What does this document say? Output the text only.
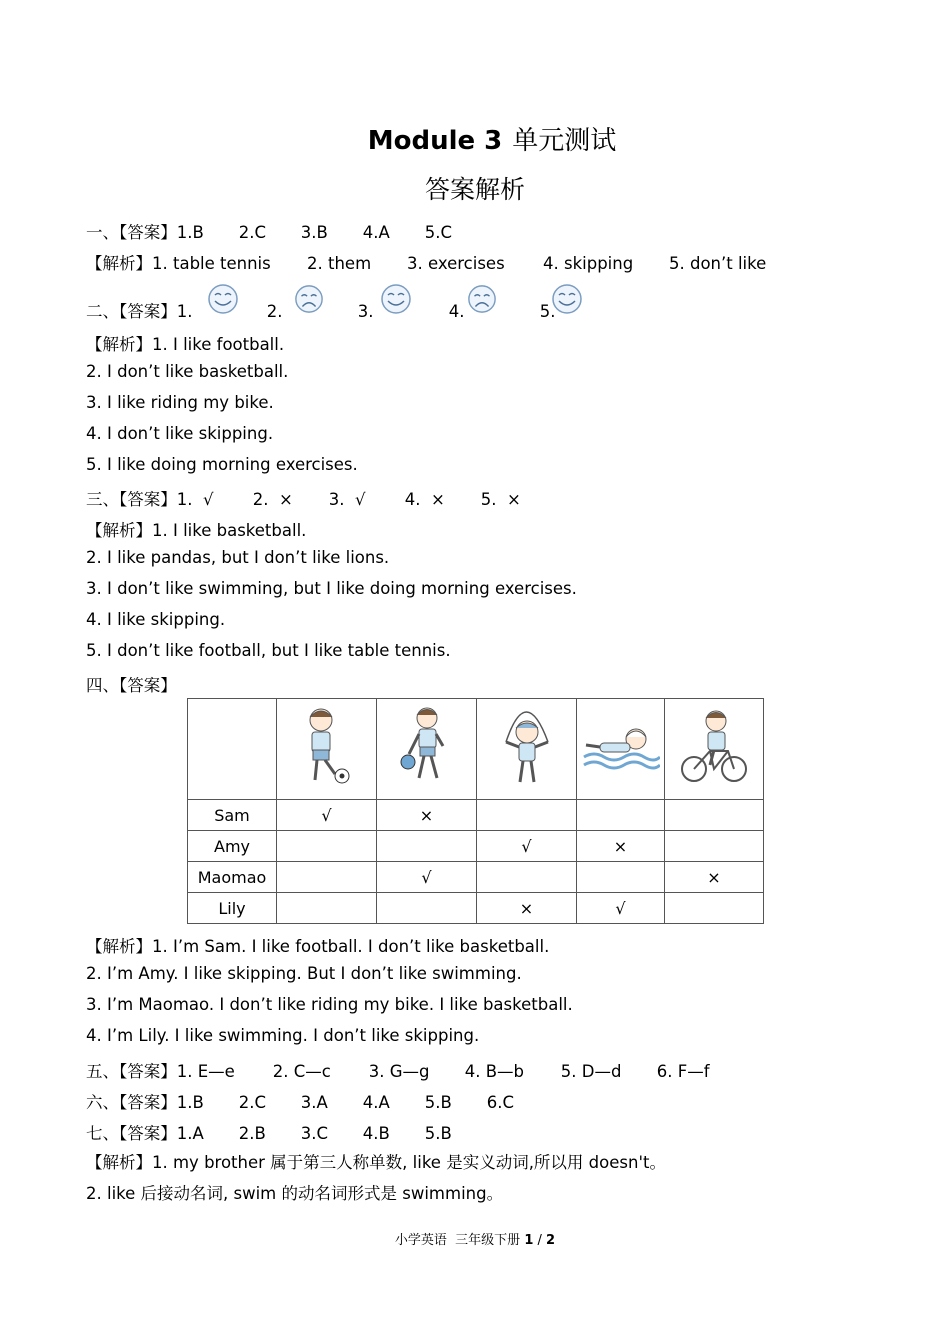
Module 3 单元测试
答案解析
一、【答案】1.B 2.C 3.B 4.A 5.C
【解析】1. table tennis 2. them 3. exercises 4. skipping 5. don’t like
二、【答案】1.	2.	3.	4.	5.
【解析】1. I like football.
2. I don’t like basketball.
3. I like riding my bike.
4. I don’t like skipping.
5. I like doing morning exercises.
三、【答案】1.  √ 2.  × 3.  √ 4.  × 5.  ×
【解析】1. I like basketball.
2. I like pandas, but I don’t like lions.
3. I don’t like swimming, but I like doing morning exercises.
4. I like skipping.
5. I don’t like football, but I like table tennis.
四、【答案】

Sam	√	×			
Amy			√	×	
Maomao		√			×
Lily			×	√	
【解析】1. I’m Sam. I like football. I don’t like basketball.
2. I’m Amy. I like skipping. But I don’t like swimming.
3. I’m Maomao. I don’t like riding my bike. I like basketball.
4. I’m Lily. I like swimming. I don’t like skipping.
五、【答案】1. E—e 2. C—c 3. G—g 4. B—b 5. D—d 6. F—f
六、【答案】1.B 2.C 3.A 4.A 5.B 6.C
七、【答案】1.A 2.B 3.C 4.B 5.B
【解析】1. my brother 属于第三人称单数, like 是实义动词,所以用 doesn't。
2. like 后接动名词, swim 的动名词形式是 swimming。
小学英语  三年级下册 1 / 2
